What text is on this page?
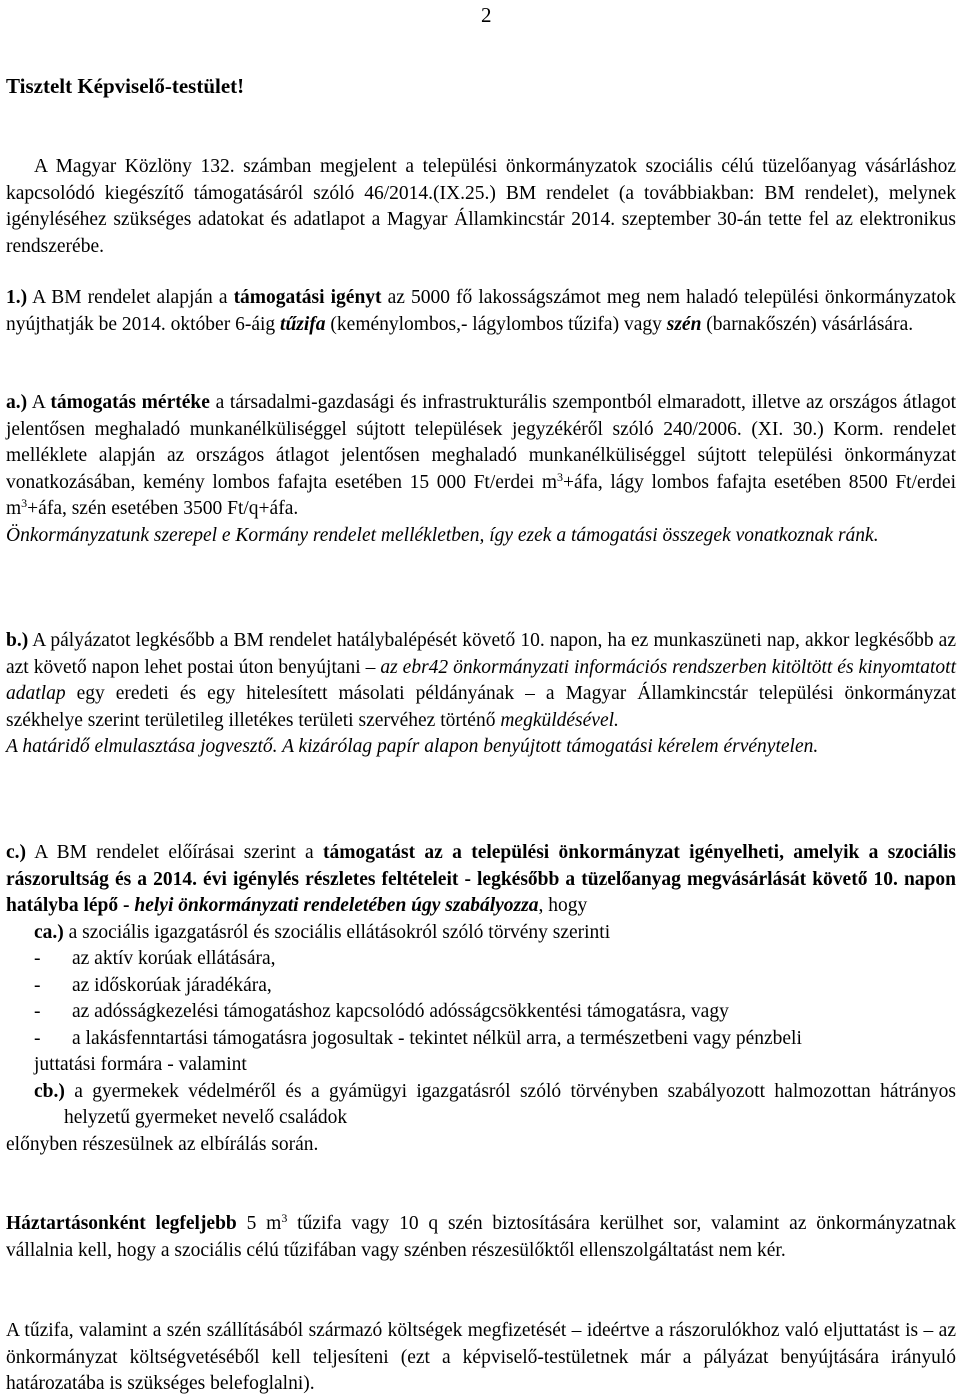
2
Tisztelt Képviselő-testület!

A Magyar Közlöny 132. számban megjelent a települési önkormányzatok szociális célú tüzelőanyag vásárláshoz kapcsolódó kiegészítő támogatásáról szóló 46/2014.(IX.25.) BM rendelet (a továbbiakban: BM rendelet), melynek igényléséhez szükséges adatokat és adatlapot a Magyar Államkincstár 2014. szeptember 30-án tette fel az elektronikus rendszerébe.

1.) A BM rendelet alapján a támogatási igényt az 5000 fő lakosságszámot meg nem haladó települési önkormányzatok nyújthatják be 2014. október 6-áig tűzifa (keménylombos,- lágylombos tűzifa) vagy szén (barnakőszén) vásárlására.

a.) A támogatás mértéke a társadalmi-gazdasági és infrastrukturális szempontból elmaradott, illetve az országos átlagot jelentősen meghaladó munkanélküliséggel sújtott települések jegyzékéről szóló 240/2006. (XI. 30.) Korm. rendelet melléklete alapján az országos átlagot jelentősen meghaladó munkanélküliséggel sújtott települési önkormányzat vonatkozásában, kemény lombos fafajta esetében 15 000 Ft/erdei $m^3+áfa$, lágy lombos fafajta esetében 8500 Ft/erdei $m^3+áfa$, szén esetében 3500 Ft/q+áfa.

Önkormányzatunk szerepel e Kormány rendelet mellékletben, így ezek a támogatási összegek vonatkoznak ránk.

b.) A pályázatot legkésőbb a BM rendelet hatálybalépését követő 10. napon, ha ez munkaszüneti nap, akkor legkésőbb az azt követő napon lehet postai úton benyújtani – az ebr42 önkormányzati információs rendszerben kitöltött és kinyomtatott adatlap egy eredeti és egy hitelesített másolati példányának – a Magyar Államkincstár települési önkormányzat székhelye szerint területileg illetékes területi szervéhez történő megküldésével.

A határidő elmulasztása jogvesztő. A kizárólag papír alapon benyújtott támogatási kérelem érvénytelen.

c.) A BM rendelet előírásai szerint a támogatást az a települési önkormányzat igényelheti, amelyik a szociális rászorultság és a 2014. évi igénylés részletes feltételeit - legkésőbb a tüzelőanyag megvásárlását követő 10. napon hatályba lépő - helyi önkormányzati rendeletében úgy szabályozza, hogy

ca.) a szociális igazgatásról és szociális ellátásokról szóló törvény szerinti

- az aktív korúak ellátására,

- az időskorúak járadékára,

- az adósságkezelési támogatáshoz kapcsolódó adósságcsökkentési támogatásra, vagy

- a lakásfenntartási támogatásra jogosultak - tekintet nélkül arra, a természetbeni vagy pénzbeli

juttatási formára - valamint

cb.) a gyermekek védelméről és a gyámügyi igazgatásról szóló törvényben szabályozott halmozottan hátrányos helyzetű gyermeket nevelő családok

előnyben részesülnek az elbírálás során.

Háztartásonként legfeljebb 5 $m^3$ tűzifa vagy 10 q szén biztosítására kerülhet sor, valamint az önkormányzatnak vállalnia kell, hogy a szociális célú tűzifában vagy szénben részesülőktől ellenszolgáltatást nem kér.

A tűzifa, valamint a szén szállításából származó költségek megfizetését – ideértve a rászorulókhoz való eljuttatást is – az önkormányzat költségvetéséből kell teljesíteni (ezt a képviselő-testületnek már a pályázat benyújtására irányuló határozatába is szükséges belefoglalni).
